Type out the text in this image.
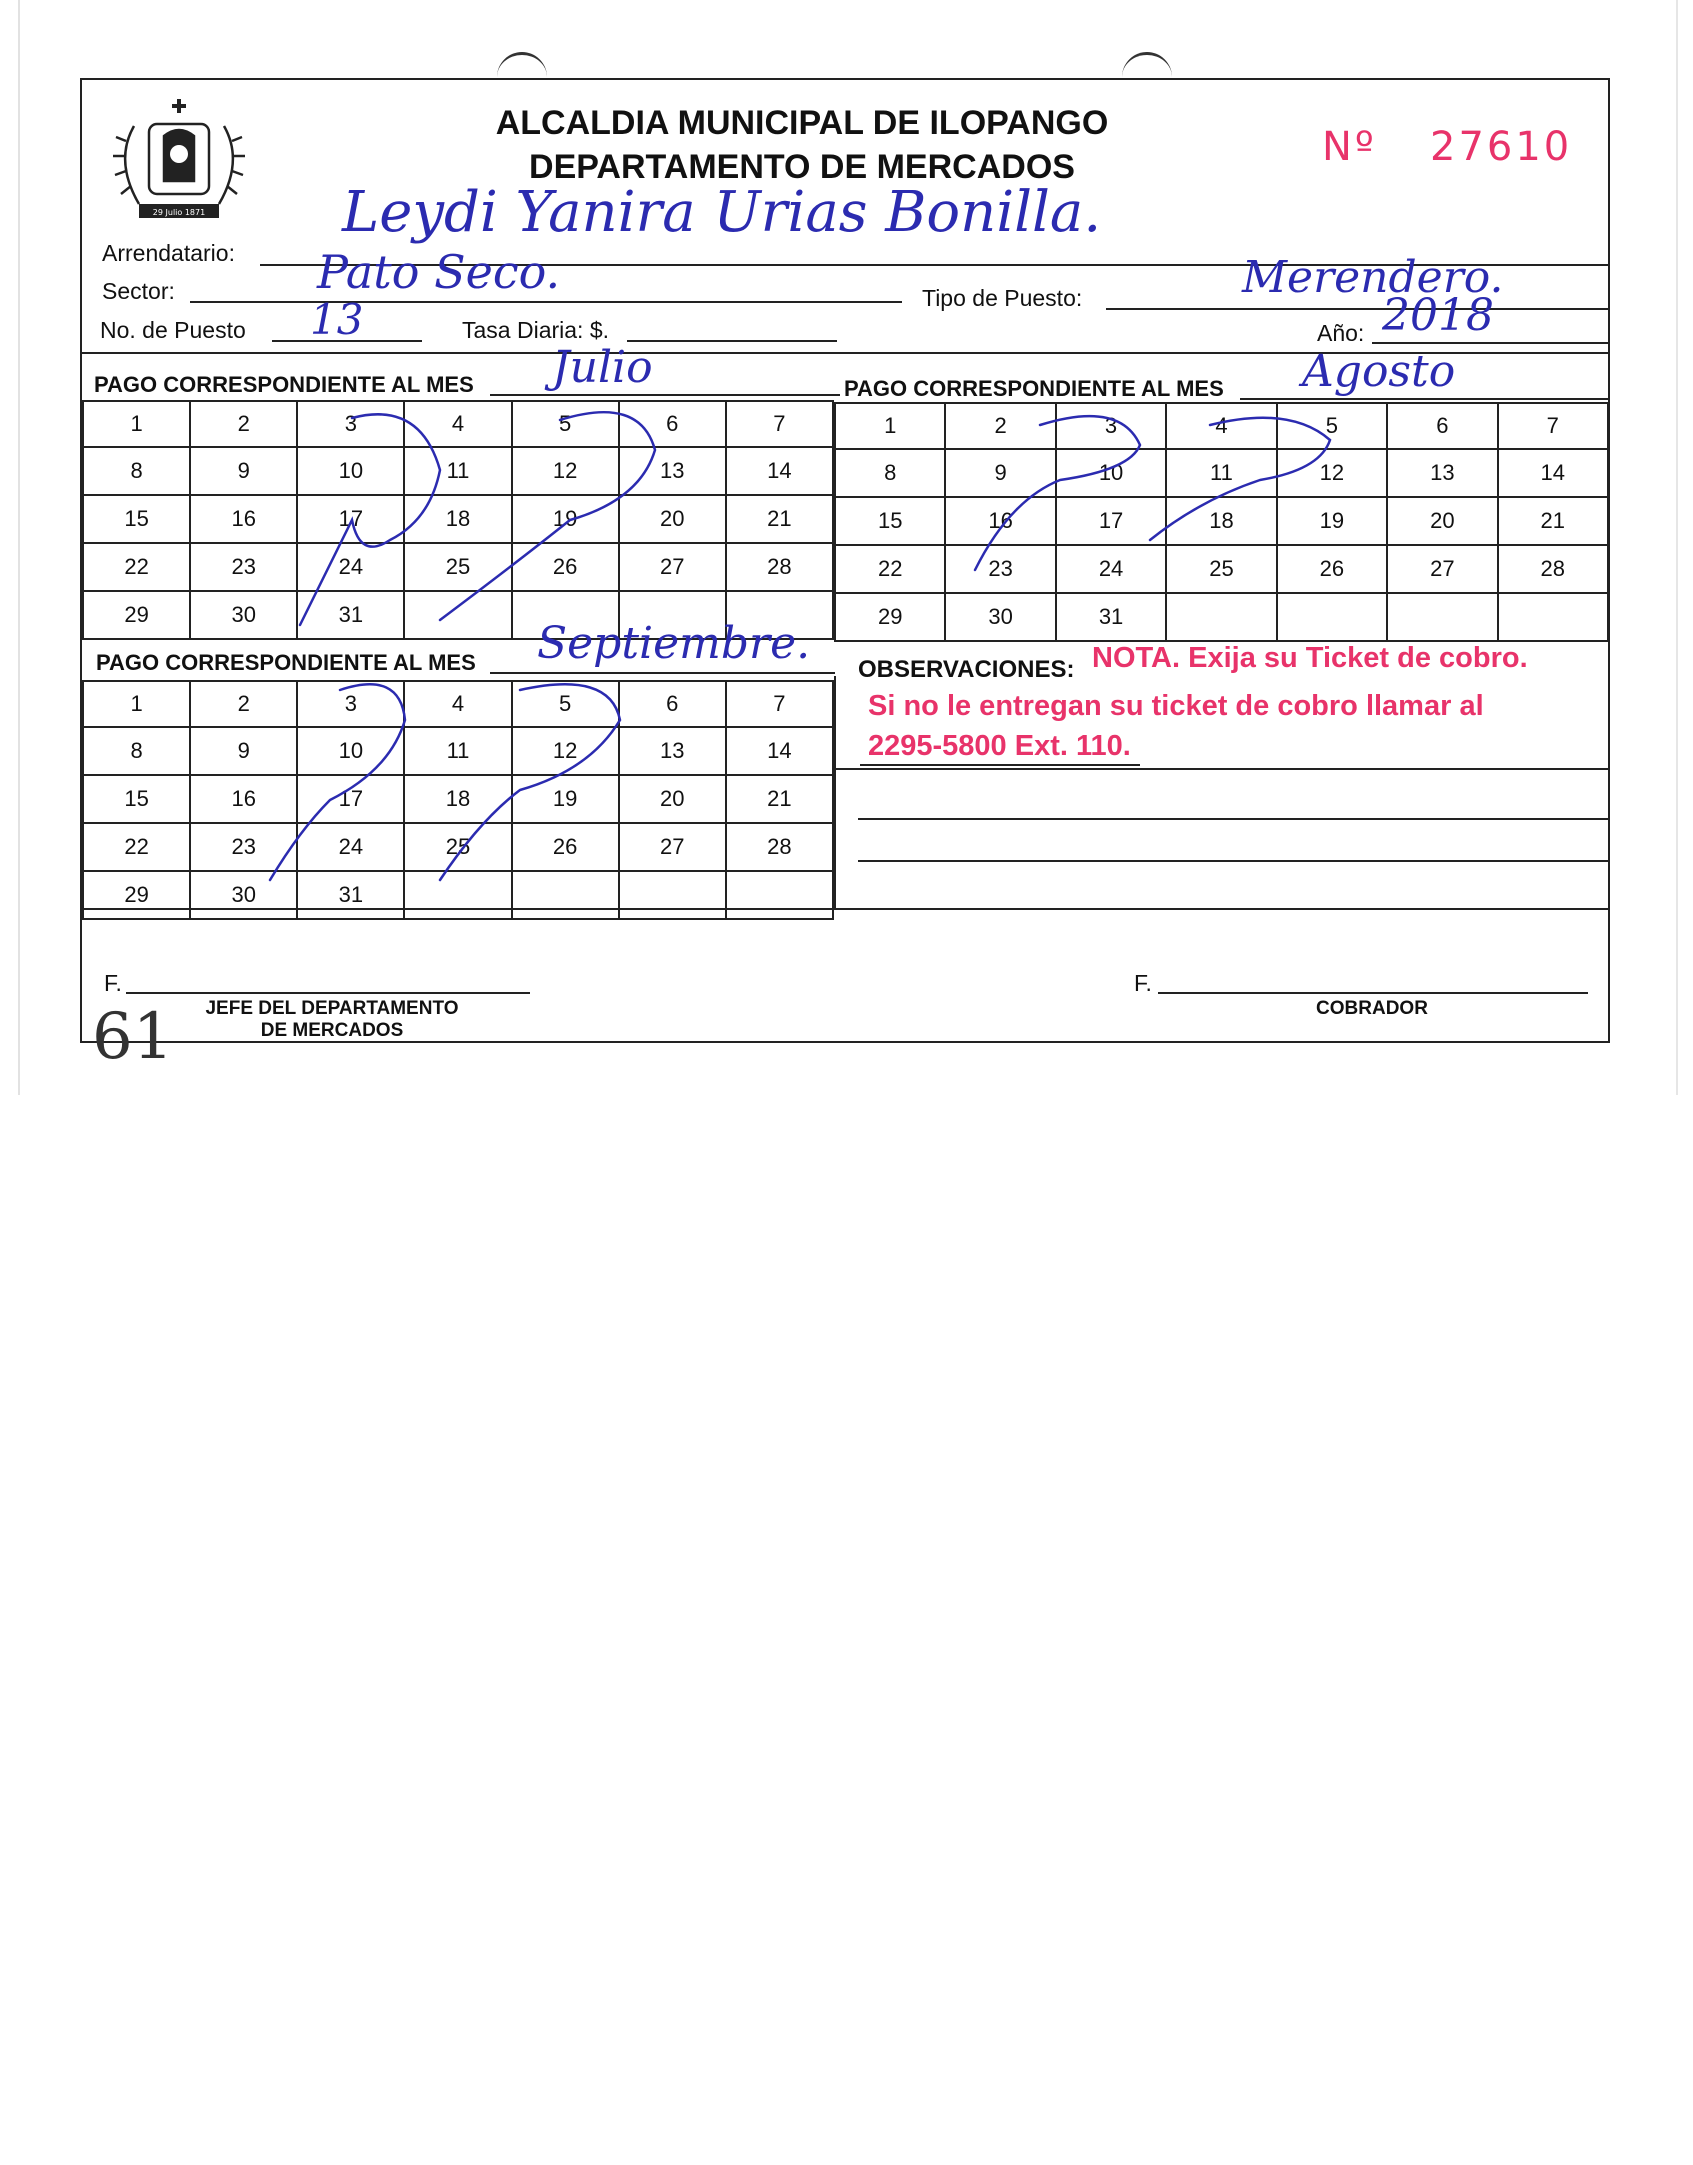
29 Julio 1871
ALCALDIA MUNICIPAL DE ILOPANGO
DEPARTAMENTO DE MERCADOS	Nº 27610
Arrendatario:
Leydi Yanira Urias Bonilla.
Sector:	Pato Seco.	Tipo de Puesto:	Merendero.
No. de Puesto 13	Tasa Diaria: $.	Año: 2018
PAGO CORRESPONDIENTE AL MES Julio
1	2	3	4	5	6	7
8	9	10	11	12	13	14
15	16	17	18	19	20	21
22	23	24	25	26	27	28
29	30	31				
PAGO CORRESPONDIENTE AL MES Agosto
1	2	3	4	5	6	7
8	9	10	11	12	13	14
15	16	17	18	19	20	21
22	23	24	25	26	27	28
29	30	31				
PAGO CORRESPONDIENTE AL MES Septiembre.
1	2	3	4	5	6	7
8	9	10	11	12	13	14
15	16	17	18	19	20	21
22	23	24	25	26	27	28
29	30	31				
OBSERVACIONES: NOTA. Exija su Ticket de cobro.
Si no le entregan su ticket de cobro llamar al
2295-5800 Ext. 110.
F.
JEFE DEL DEPARTAMENTO
DE MERCADOS
F.
COBRADOR
61
